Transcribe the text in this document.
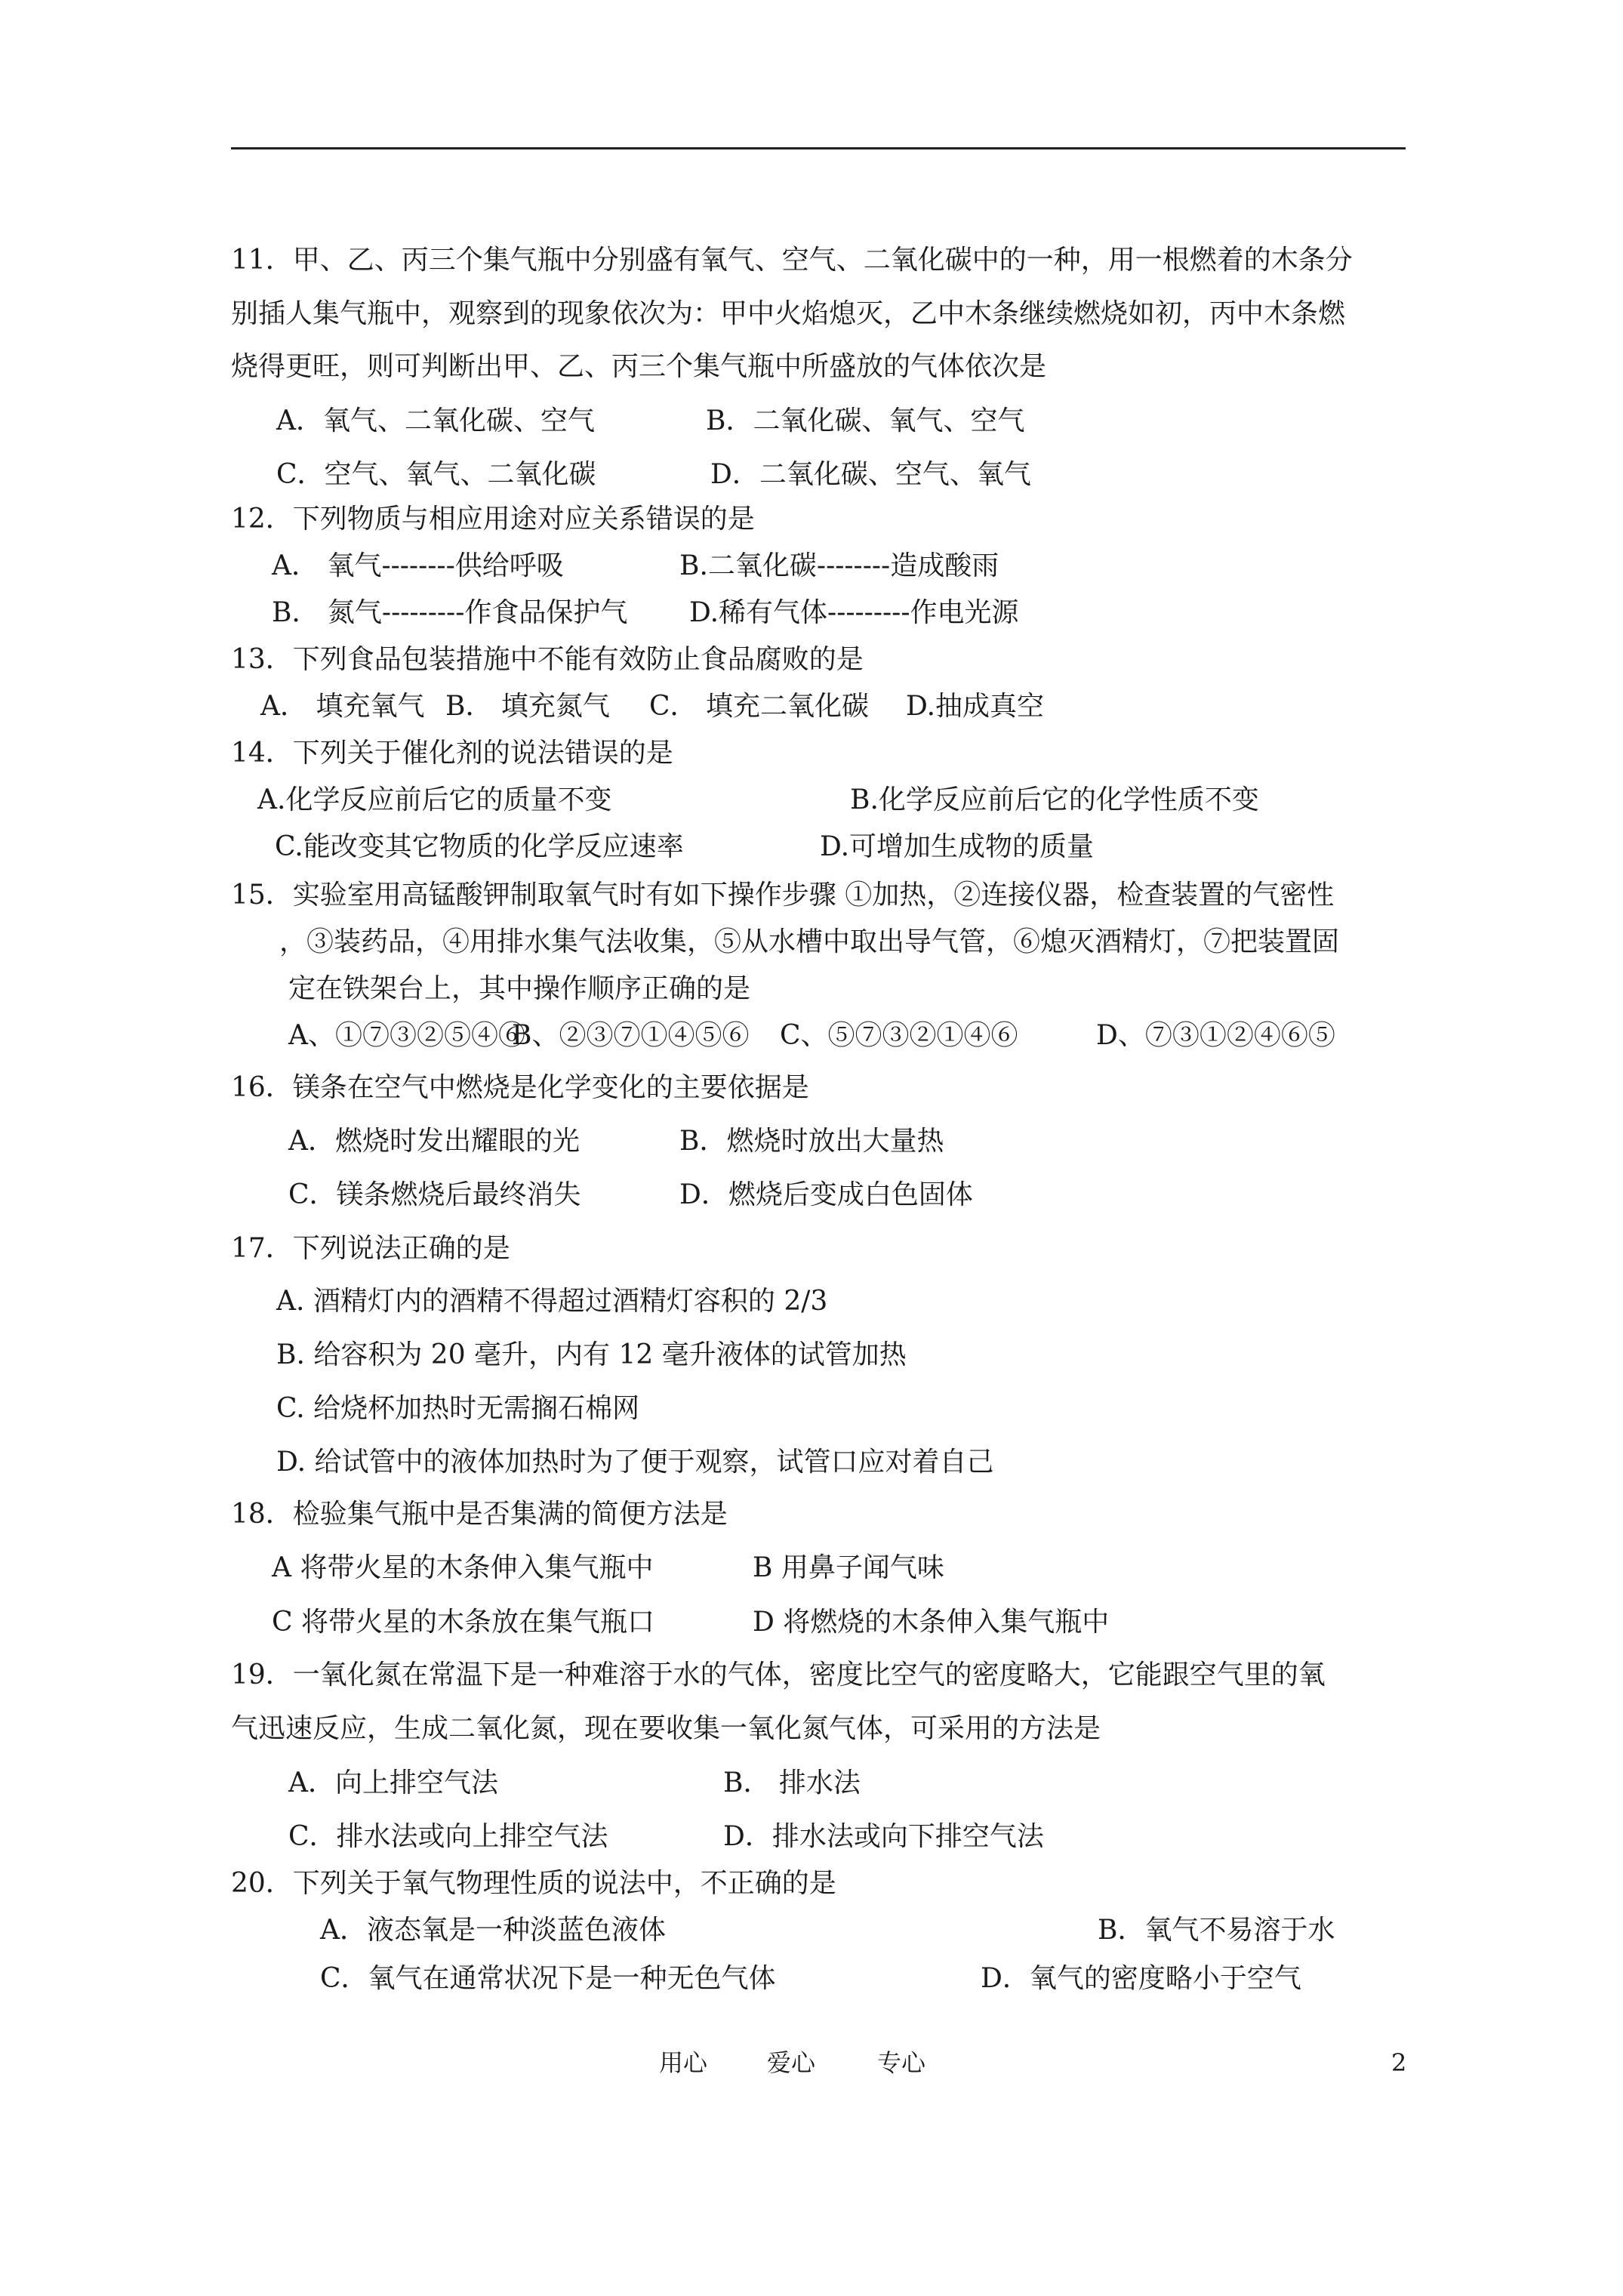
11．甲、乙、丙三个集气瓶中分别盛有氧气、空气、二氧化碳中的一种，用一根燃着的木条分
别插人集气瓶中，观察到的现象依次为：甲中火焰熄灭，乙中木条继续燃烧如初，丙中木条燃
烧得更旺，则可判断出甲、乙、丙三个集气瓶中所盛放的气体依次是
A．氧气、二氧化碳、空气	B．二氧化碳、氧气、空气
C．空气、氧气、二氧化碳	D．二氧化碳、空气、氧气
12．下列物质与相应用途对应关系错误的是
A． 氧气--------供给呼吸	B.二氧化碳--------造成酸雨
B． 氮气---------作食品保护气 D.稀有气体---------作电光源
13．下列食品包装措施中不能有效防止食品腐败的是
A． 填充氧气 B． 填充氮气 C． 填充二氧化碳 D.抽成真空
14．下列关于催化剂的说法错误的是
A.化学反应前后它的质量不变	B.化学反应前后它的化学性质不变
C.能改变其它物质的化学反应速率	D.可增加生成物的质量
15．实验室用高锰酸钾制取氧气时有如下操作步骤 ①加热，②连接仪器，检查装置的气密性
，③装药品，④用排水集气法收集，⑤从水槽中取出导气管，⑥熄灭酒精灯，⑦把装置固
定在铁架台上，其中操作顺序正确的是
A、①⑦③②⑤④⑥
B、②③⑦①④⑤⑥ C、⑤⑦③②①④⑥	D、⑦③①②④⑥⑤
16．镁条在空气中燃烧是化学变化的主要依据是
A．燃烧时发出耀眼的光	B．燃烧时放出大量热
C．镁条燃烧后最终消失	D．燃烧后变成白色固体
17．下列说法正确的是
A. 酒精灯内的酒精不得超过酒精灯容积的 2/3
B. 给容积为 20 毫升，内有 12 毫升液体的试管加热
C. 给烧杯加热时无需搁石棉网
D. 给试管中的液体加热时为了便于观察，试管口应对着自己
18．检验集气瓶中是否集满的简便方法是
A 将带火星的木条伸入集气瓶中	B 用鼻子闻气味
C 将带火星的木条放在集气瓶口	D 将燃烧的木条伸入集气瓶中
19．一氧化氮在常温下是一种难溶于水的气体，密度比空气的密度略大，它能跟空气里的氧
气迅速反应，生成二氧化氮，现在要收集一氧化氮气体，可采用的方法是
A．向上排空气法	B． 排水法
C．排水法或向上排空气法	D．排水法或向下排空气法
20．下列关于氧气物理性质的说法中，不正确的是
A．液态氧是一种淡蓝色液体	B．氧气不易溶于水
C．氧气在通常状况下是一种无色气体	D．氧气的密度略小于空气
用心 爱心	专心	2
